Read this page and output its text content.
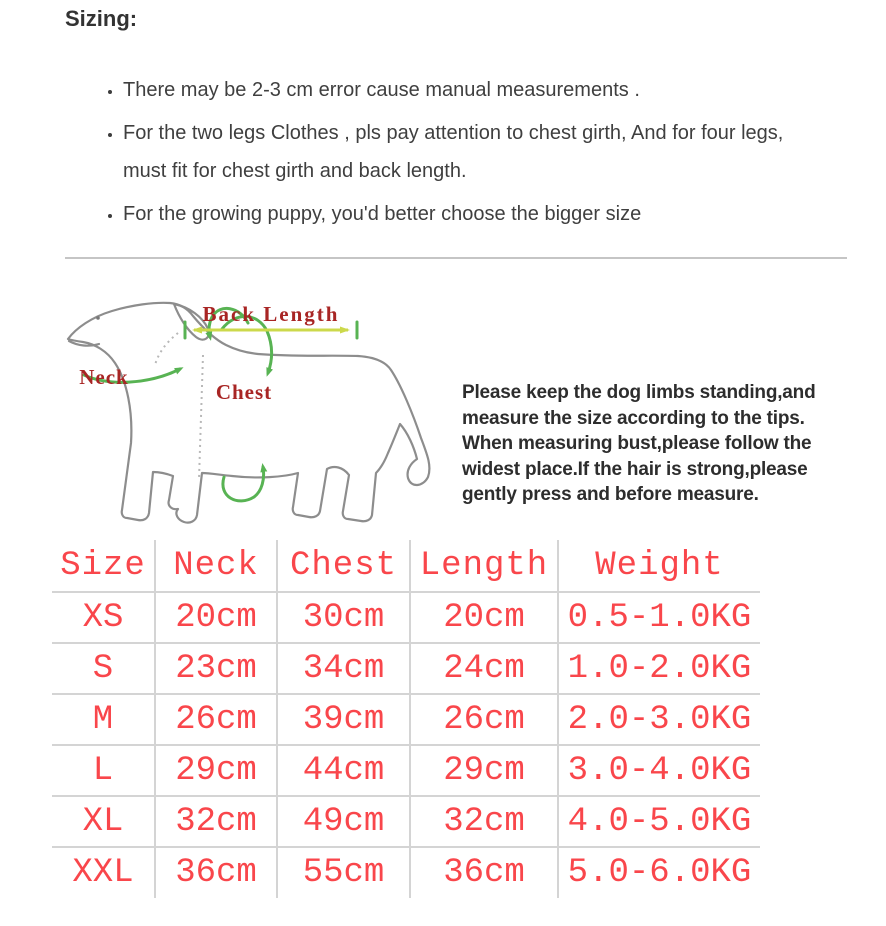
Sizing:
• There may be 2-3 cm error cause manual measurements .
• For the two legs Clothes , pls pay attention to chest girth, And for four legs, must fit for chest girth and back length.
• For the growing puppy, you'd better choose the bigger size
Back Length
Neck
Chest	Please keep the dog limbs standing,and
measure the size according to the tips.
When measuring bust,please follow the
widest place.If the hair is strong,please
gently press and before measure.
Size	Neck	Chest	Length	Weight
XS	20cm	30cm	20cm	0.5-1.0KG
S	23cm	34cm	24cm	1.0-2.0KG
M	26cm	39cm	26cm	2.0-3.0KG
L	29cm	44cm	29cm	3.0-4.0KG
XL	32cm	49cm	32cm	4.0-5.0KG
XXL	36cm	55cm	36cm	5.0-6.0KG
